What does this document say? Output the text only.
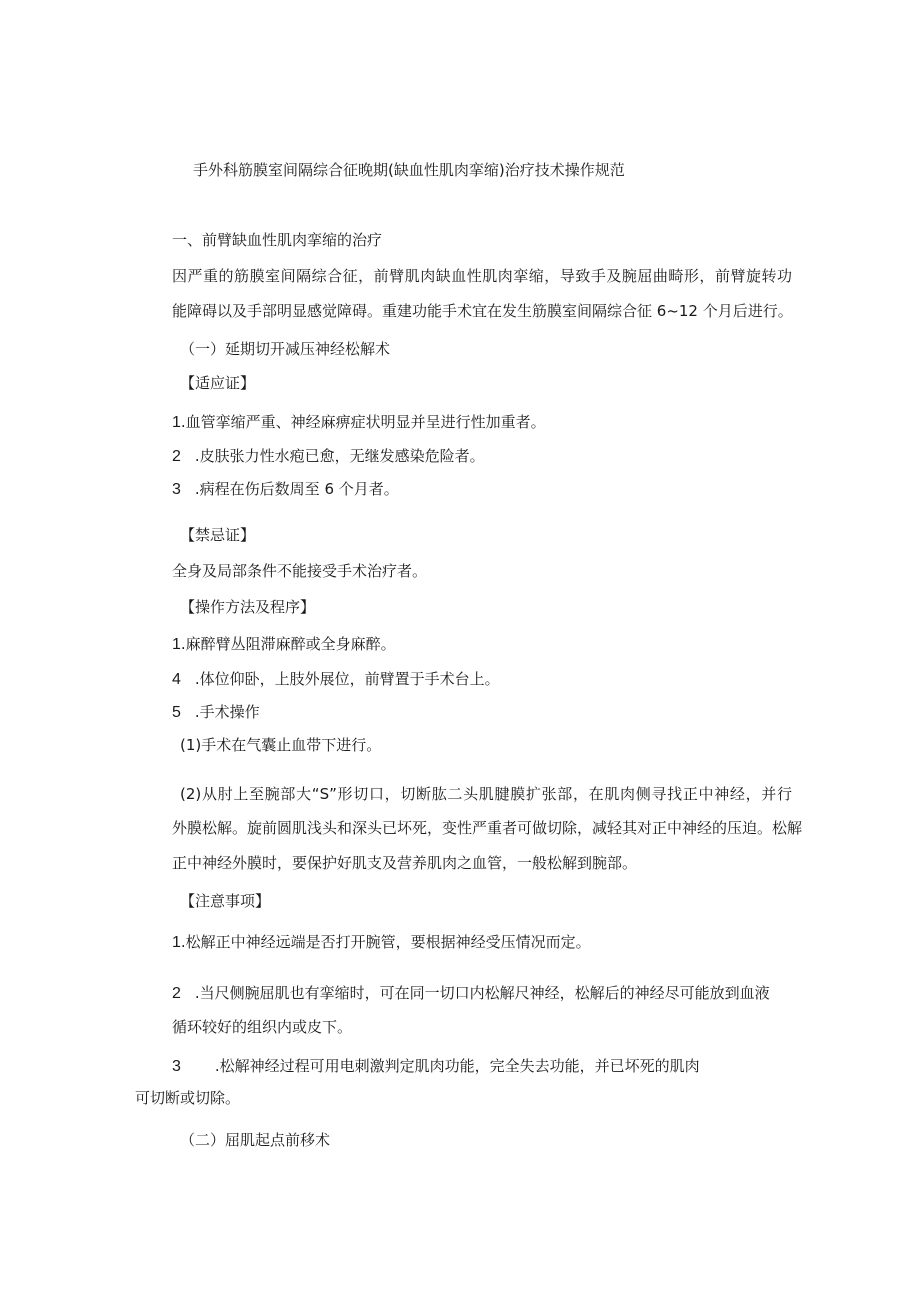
手外科筋膜室间隔综合征晚期(缺血性肌肉挛缩)治疗技术操作规范
一、前臂缺血性肌肉挛缩的治疗
因严重的筋膜室间隔综合征，前臂肌肉缺血性肌肉挛缩，导致手及腕屈曲畸形，前臂旋转功
能障碍以及手部明显感觉障碍。重建功能手术宜在发生筋膜室间隔综合征 6~12 个月后进行。
（一）延期切开减压神经松解术
【适应证】
1.血管挛缩严重、神经麻痹症状明显并呈进行性加重者。
2 .皮肤张力性水疱已愈，无继发感染危险者。
3 .病程在伤后数周至 6 个月者。
【禁忌证】
全身及局部条件不能接受手术治疗者。
【操作方法及程序】
1.麻醉臂丛阻滞麻醉或全身麻醉。
4 .体位仰卧，上肢外展位，前臂置于手术台上。
5 .手术操作
(1)手术在气囊止血带下进行。
(2)从肘上至腕部大“S”形切口，切断肱二头肌腱膜扩张部，在肌肉侧寻找正中神经，并行
外膜松解。旋前圆肌浅头和深头已坏死，变性严重者可做切除，减轻其对正中神经的压迫。松解
正中神经外膜时，要保护好肌支及营养肌肉之血管，一般松解到腕部。
【注意事项】
1.松解正中神经远端是否打开腕管，要根据神经受压情况而定。
2 .当尺侧腕屈肌也有挛缩时，可在同一切口内松解尺神经，松解后的神经尽可能放到血液
循环较好的组织内或皮下。
3 .松解神经过程可用电刺激判定肌肉功能，完全失去功能，并已坏死的肌肉
可切断或切除。
（二）屈肌起点前移术
